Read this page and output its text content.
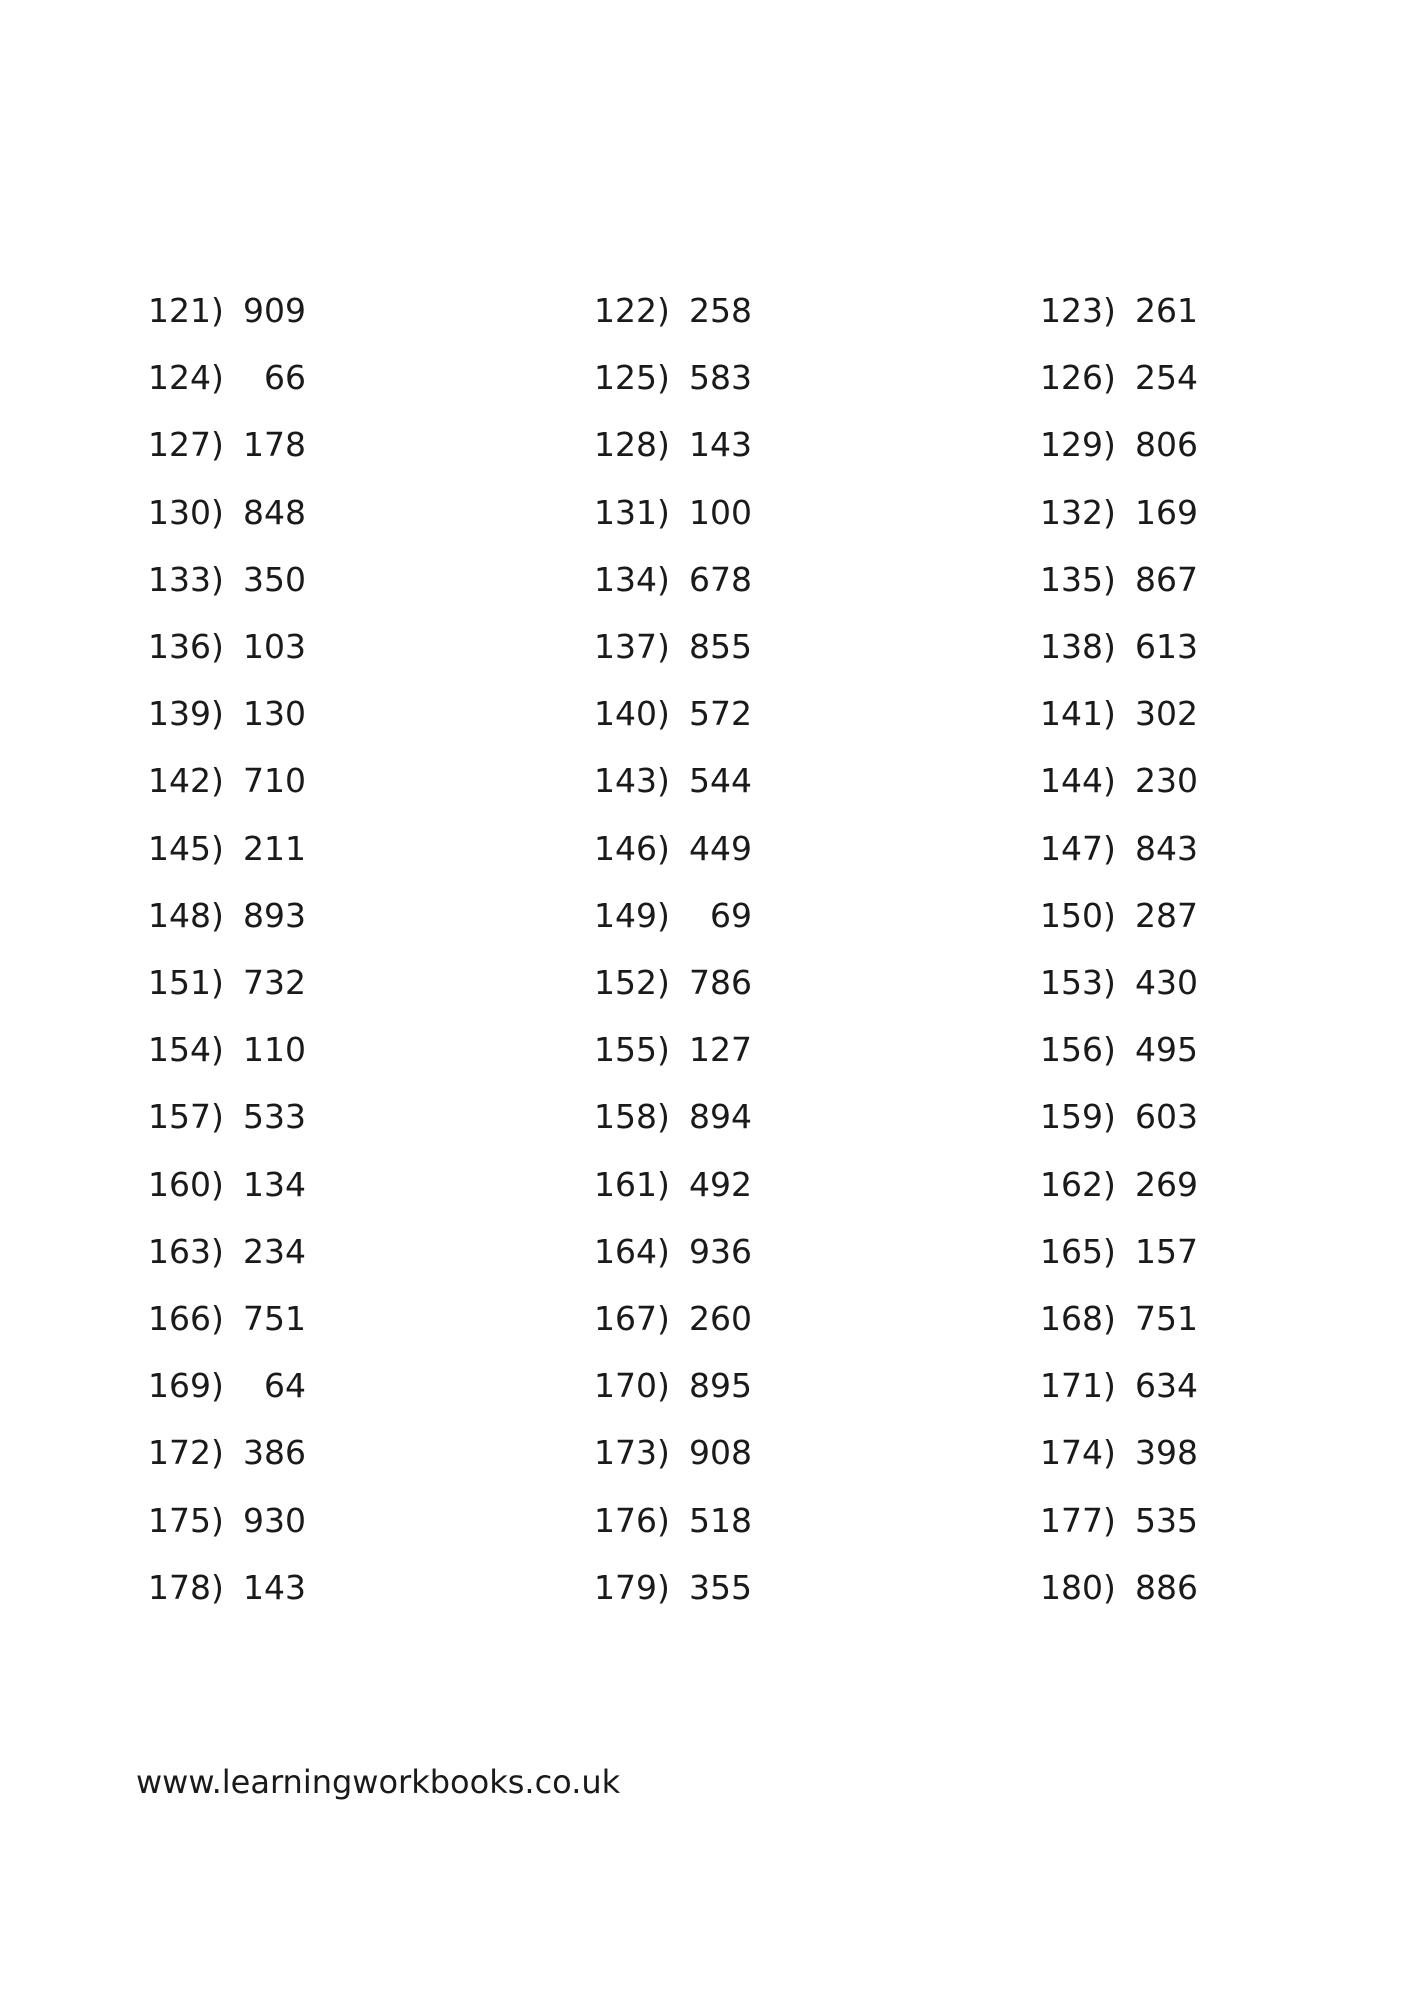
121) 909	122) 258	123) 261
124)	66	125) 583	126) 254
127) 178	128) 143	129) 806
130) 848	131) 100	132) 169
133) 350	134) 678	135) 867
136) 103	137) 855	138) 613
139) 130	140) 572	141) 302
142) 710	143) 544	144) 230
145) 211	146) 449	147) 843
148) 893	149)	69	150) 287
151) 732	152) 786	153) 430
154) 110	155) 127	156) 495
157) 533	158) 894	159) 603
160) 134	161) 492	162) 269
163) 234	164) 936	165) 157
166) 751	167) 260	168) 751
169)	64	170) 895	171) 634
172) 386	173) 908	174) 398
175) 930	176) 518	177) 535
178) 143	179) 355	180) 886
www.learningworkbooks.co.uk
